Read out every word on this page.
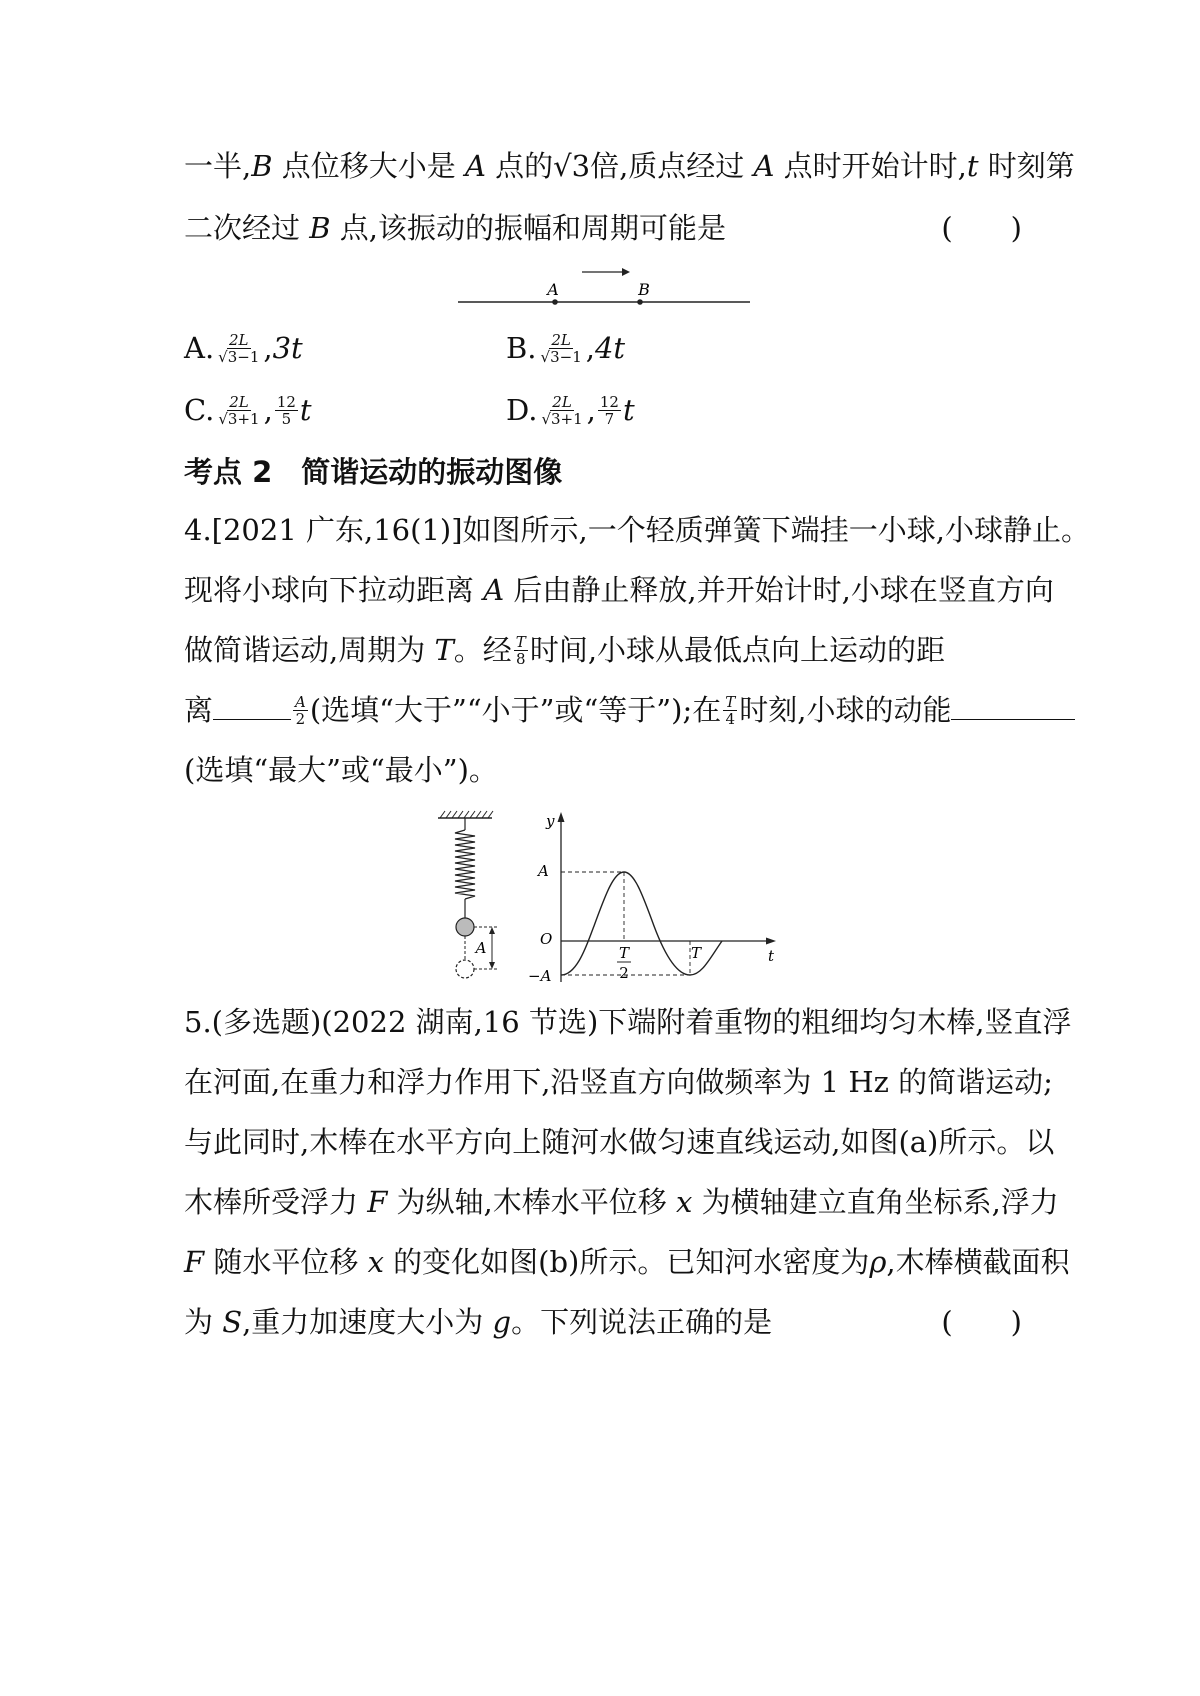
一半,B 点位移大小是 A 点的√3倍,质点经过 A 点时开始计时,t 时刻第
二次经过 B 点,该振动的振幅和周期可能是	(　　)
A	B
A. $\frac{2L}{√3-1} ,3t$	B. $\frac{2L}{√3-1} ,4t$
C. $\frac{2L}{√3+1}$ , $\frac{12}{5}$ t	D. $\frac{2L}{√3+1}$ , $\frac{12}{7}$ t
考点 2　简谐运动的振动图像
4.[2021 广东,16(1)]如图所示,一个轻质弹簧下端挂一小球,小球静止。
现将小球向下拉动距离 A 后由静止释放,并开始计时,小球在竖直方向
做简谐运动,周期为 T。经 $\frac{T}{8}$ 时间,小球从最低点向上运动的距
离	$\frac{A}{2}$ (选填“大于”“小于”或“等于”);在 $\frac{T}{4}$ 时刻,小球的动能
(选填“最大”或“最小”)。
A
y
t
A
O
−A
T
2
T
5.(多选题)(2022 湖南,16 节选)下端附着重物的粗细均匀木棒,竖直浮
在河面,在重力和浮力作用下,沿竖直方向做频率为 1 Hz 的简谐运动;
与此同时,木棒在水平方向上随河水做匀速直线运动,如图(a)所示。以
木棒所受浮力 F 为纵轴,木棒水平位移 x 为横轴建立直角坐标系,浮力
F 随水平位移 x 的变化如图(b)所示。已知河水密度为ρ,木棒横截面积
为 S,重力加速度大小为 g。下列说法正确的是	(　　)
